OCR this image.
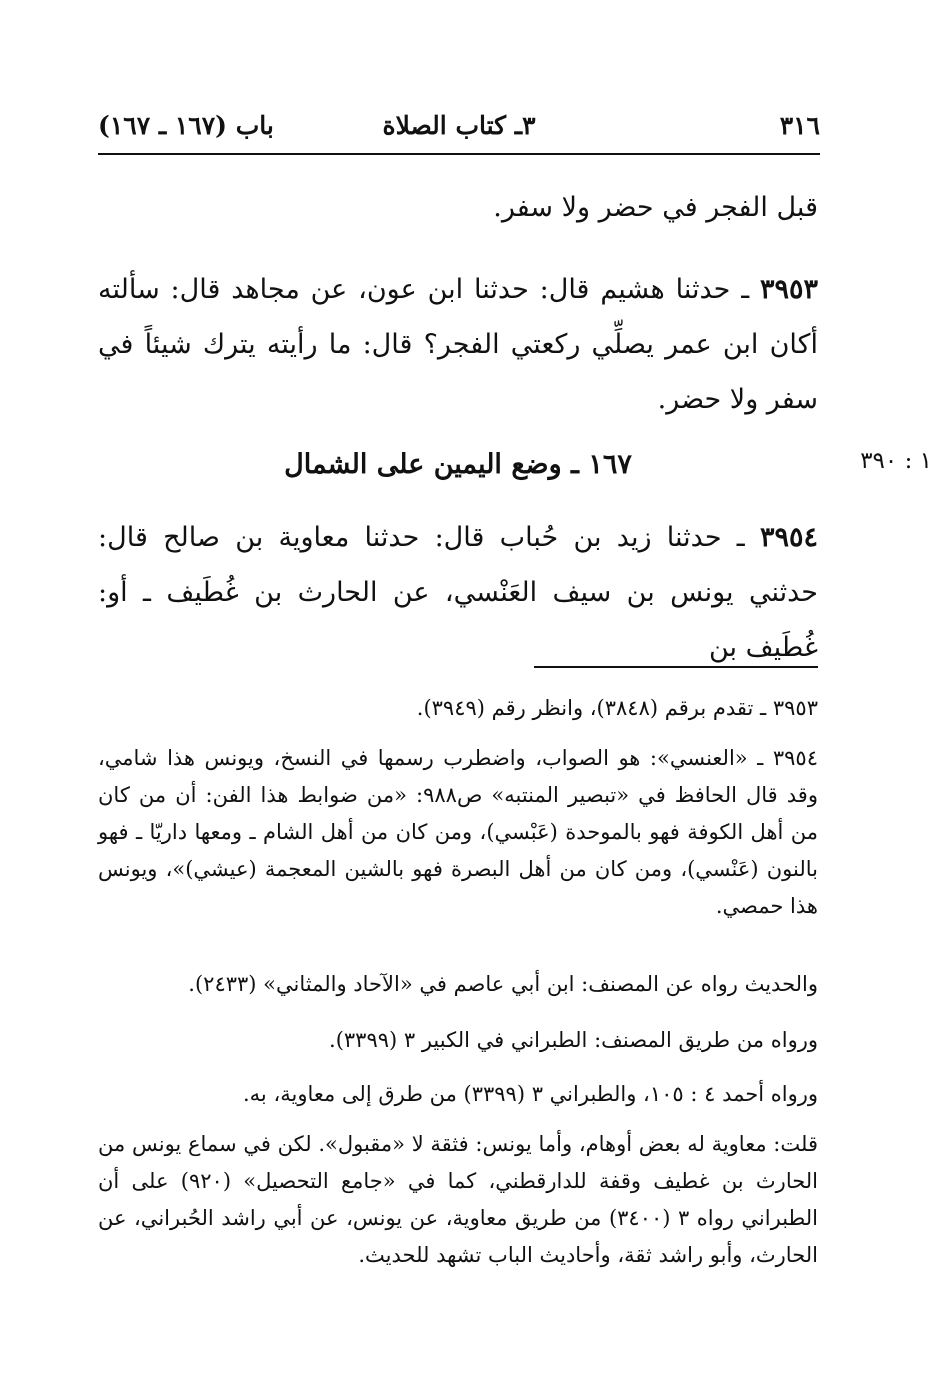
٣١٦
٣ـ كتاب الصلاة
باب (١٦٧ ـ ١٦٧)

قبل الفجر في حضر ولا سفر.

٣٩٥٣ ـ حدثنا هشيم قال: حدثنا ابن عون، عن مجاهد قال: سألته أكان ابن عمر يصلِّي ركعتي الفجر؟ قال: ما رأيته يترك شيئاً في سفر ولا حضر.

١٦٧ ـ وضع اليمين على الشمال	١ : ٣٩٠

٣٩٥٤ ـ حدثنا زيد بن حُباب قال: حدثنا معاوية بن صالح قال: حدثني يونس بن سيف العَنْسي، عن الحارث بن غُطَيف ـ أو: غُطَيف بن

٣٩٥٣ ـ تقدم برقم (٣٨٤٨)، وانظر رقم (٣٩٤٩).

٣٩٥٤ ـ «العنسي»: هو الصواب، واضطرب رسمها في النسخ، ويونس هذا شامي، وقد قال الحافظ في «تبصير المنتبه» ص٩٨٨: «من ضوابط هذا الفن: أن من كان من أهل الكوفة فهو بالموحدة (عَبْسي)، ومن كان من أهل الشام ـ ومعها داريّا ـ فهو بالنون (عَنْسي)، ومن كان من أهل البصرة فهو بالشين المعجمة (عيشي)»، ويونس هذا حمصي.

والحديث رواه عن المصنف: ابن أبي عاصم في «الآحاد والمثاني» (٢٤٣٣).

ورواه من طريق المصنف: الطبراني في الكبير ٣ (٣٣٩٩).

ورواه أحمد ٤ : ١٠٥، والطبراني ٣ (٣٣٩٩) من طرق إلى معاوية، به.

قلت: معاوية له بعض أوهام، وأما يونس: فثقة لا «مقبول». لكن في سماع يونس من الحارث بن غطيف وقفة للدارقطني، كما في «جامع التحصيل» (٩٢٠) على أن الطبراني رواه ٣ (٣٤٠٠) من طريق معاوية، عن يونس، عن أبي راشد الحُبراني، عن الحارث، وأبو راشد ثقة، وأحاديث الباب تشهد للحديث.
